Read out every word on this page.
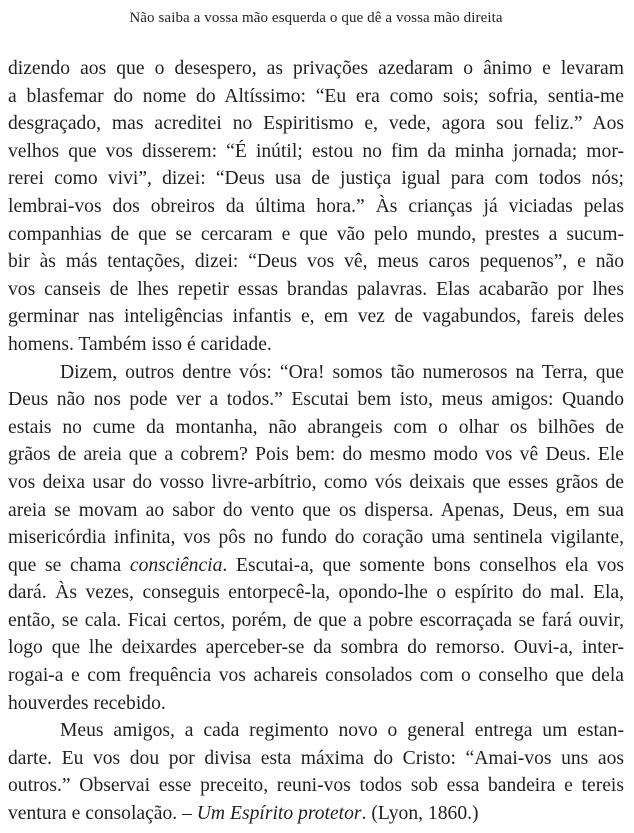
Não saiba a vossa mão esquerda o que dê a vossa mão direita
dizendo aos que o desespero, as privações azedaram o ânimo e levaram
a blasfemar do nome do Altíssimo: “Eu era como sois; sofria, sentia-me
desgraçado, mas acreditei no Espiritismo e, vede, agora sou feliz.” Aos
velhos que vos disserem: “É inútil; estou no fim da minha jornada; mor-
rerei como vivi”, dizei: “Deus usa de justiça igual para com todos nós;
lembrai-vos dos obreiros da última hora.” Às crianças já viciadas pelas
companhias de que se cercaram e que vão pelo mundo, prestes a sucum-
bir às más tentações, dizei: “Deus vos vê, meus caros pequenos”, e não
vos canseis de lhes repetir essas brandas palavras. Elas acabarão por lhes
germinar nas inteligências infantis e, em vez de vagabundos, fareis deles
homens. Também isso é caridade.
Dizem, outros dentre vós: “Ora! somos tão numerosos na Terra, que
Deus não nos pode ver a todos.” Escutai bem isto, meus amigos: Quando
estais no cume da montanha, não abrangeis com o olhar os bilhões de
grãos de areia que a cobrem? Pois bem: do mesmo modo vos vê Deus. Ele
vos deixa usar do vosso livre-arbítrio, como vós deixais que esses grãos de
areia se movam ao sabor do vento que os dispersa. Apenas, Deus, em sua
misericórdia infinita, vos pôs no fundo do coração uma sentinela vigilante,
que se chama consciência. Escutai-a, que somente bons conselhos ela vos
dará. Às vezes, conseguis entorpecê-la, opondo-lhe o espírito do mal. Ela,
então, se cala. Ficai certos, porém, de que a pobre escorraçada se fará ouvir,
logo que lhe deixardes aperceber-se da sombra do remorso. Ouvi-a, inter-
rogai-a e com frequência vos achareis consolados com o conselho que dela
houverdes recebido.
Meus amigos, a cada regimento novo o general entrega um estan-
darte. Eu vos dou por divisa esta máxima do Cristo: “Amai-vos uns aos
outros.” Observai esse preceito, reuni-vos todos sob essa bandeira e tereis
ventura e consolação. – Um Espírito protetor. (Lyon, 1860.)
